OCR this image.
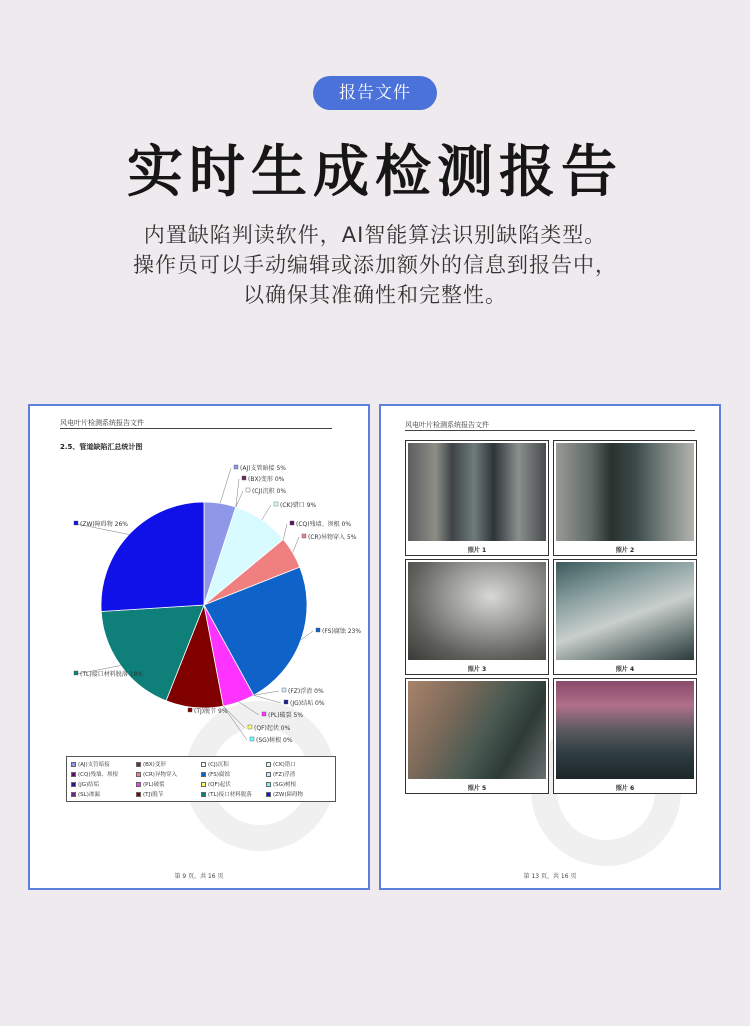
报告文件
实时生成检测报告
内置缺陷判读软件，AI智能算法识别缺陷类型。
操作员可以手动编辑或添加额外的信息到报告中，
以确保其准确性和完整性。
风电叶片检测系统报告文件
2.5、管道缺陷汇总统计图
(AJ)支管暗接 5%
(BX)变形 0%
(CJ)沉积 0%
(CK)错口 9%
(CQ)残墙、坝根 0%
(CR)异物穿入 5%
(FS)腐蚀 23%
(FZ)浮渣 0%
(JG)结垢 0%
(PL)破裂 5%
(QF)起伏 0%
(SG)树根 0%
(TJ)脱节 9%
(TL)接口材料脱落 18%
(ZW)障碍物 26%
(AJ)支管暗接	(BX)变形	(CJ)沉积	(CK)错口
(CQ)残墙、坝根	(CR)异物穿入	(FS)腐蚀	(FZ)浮渣
(JG)结垢	(PL)破裂	(QF)起伏	(SG)树根
(SL)渗漏	(TJ)脱节	(TL)接口材料脱落	(ZW)障碍物
第 9 页，共 16 页
风电叶片检测系统报告文件
照片 1	照片 2
照片 3	照片 4
照片 5	照片 6
第 13 页，共 16 页
